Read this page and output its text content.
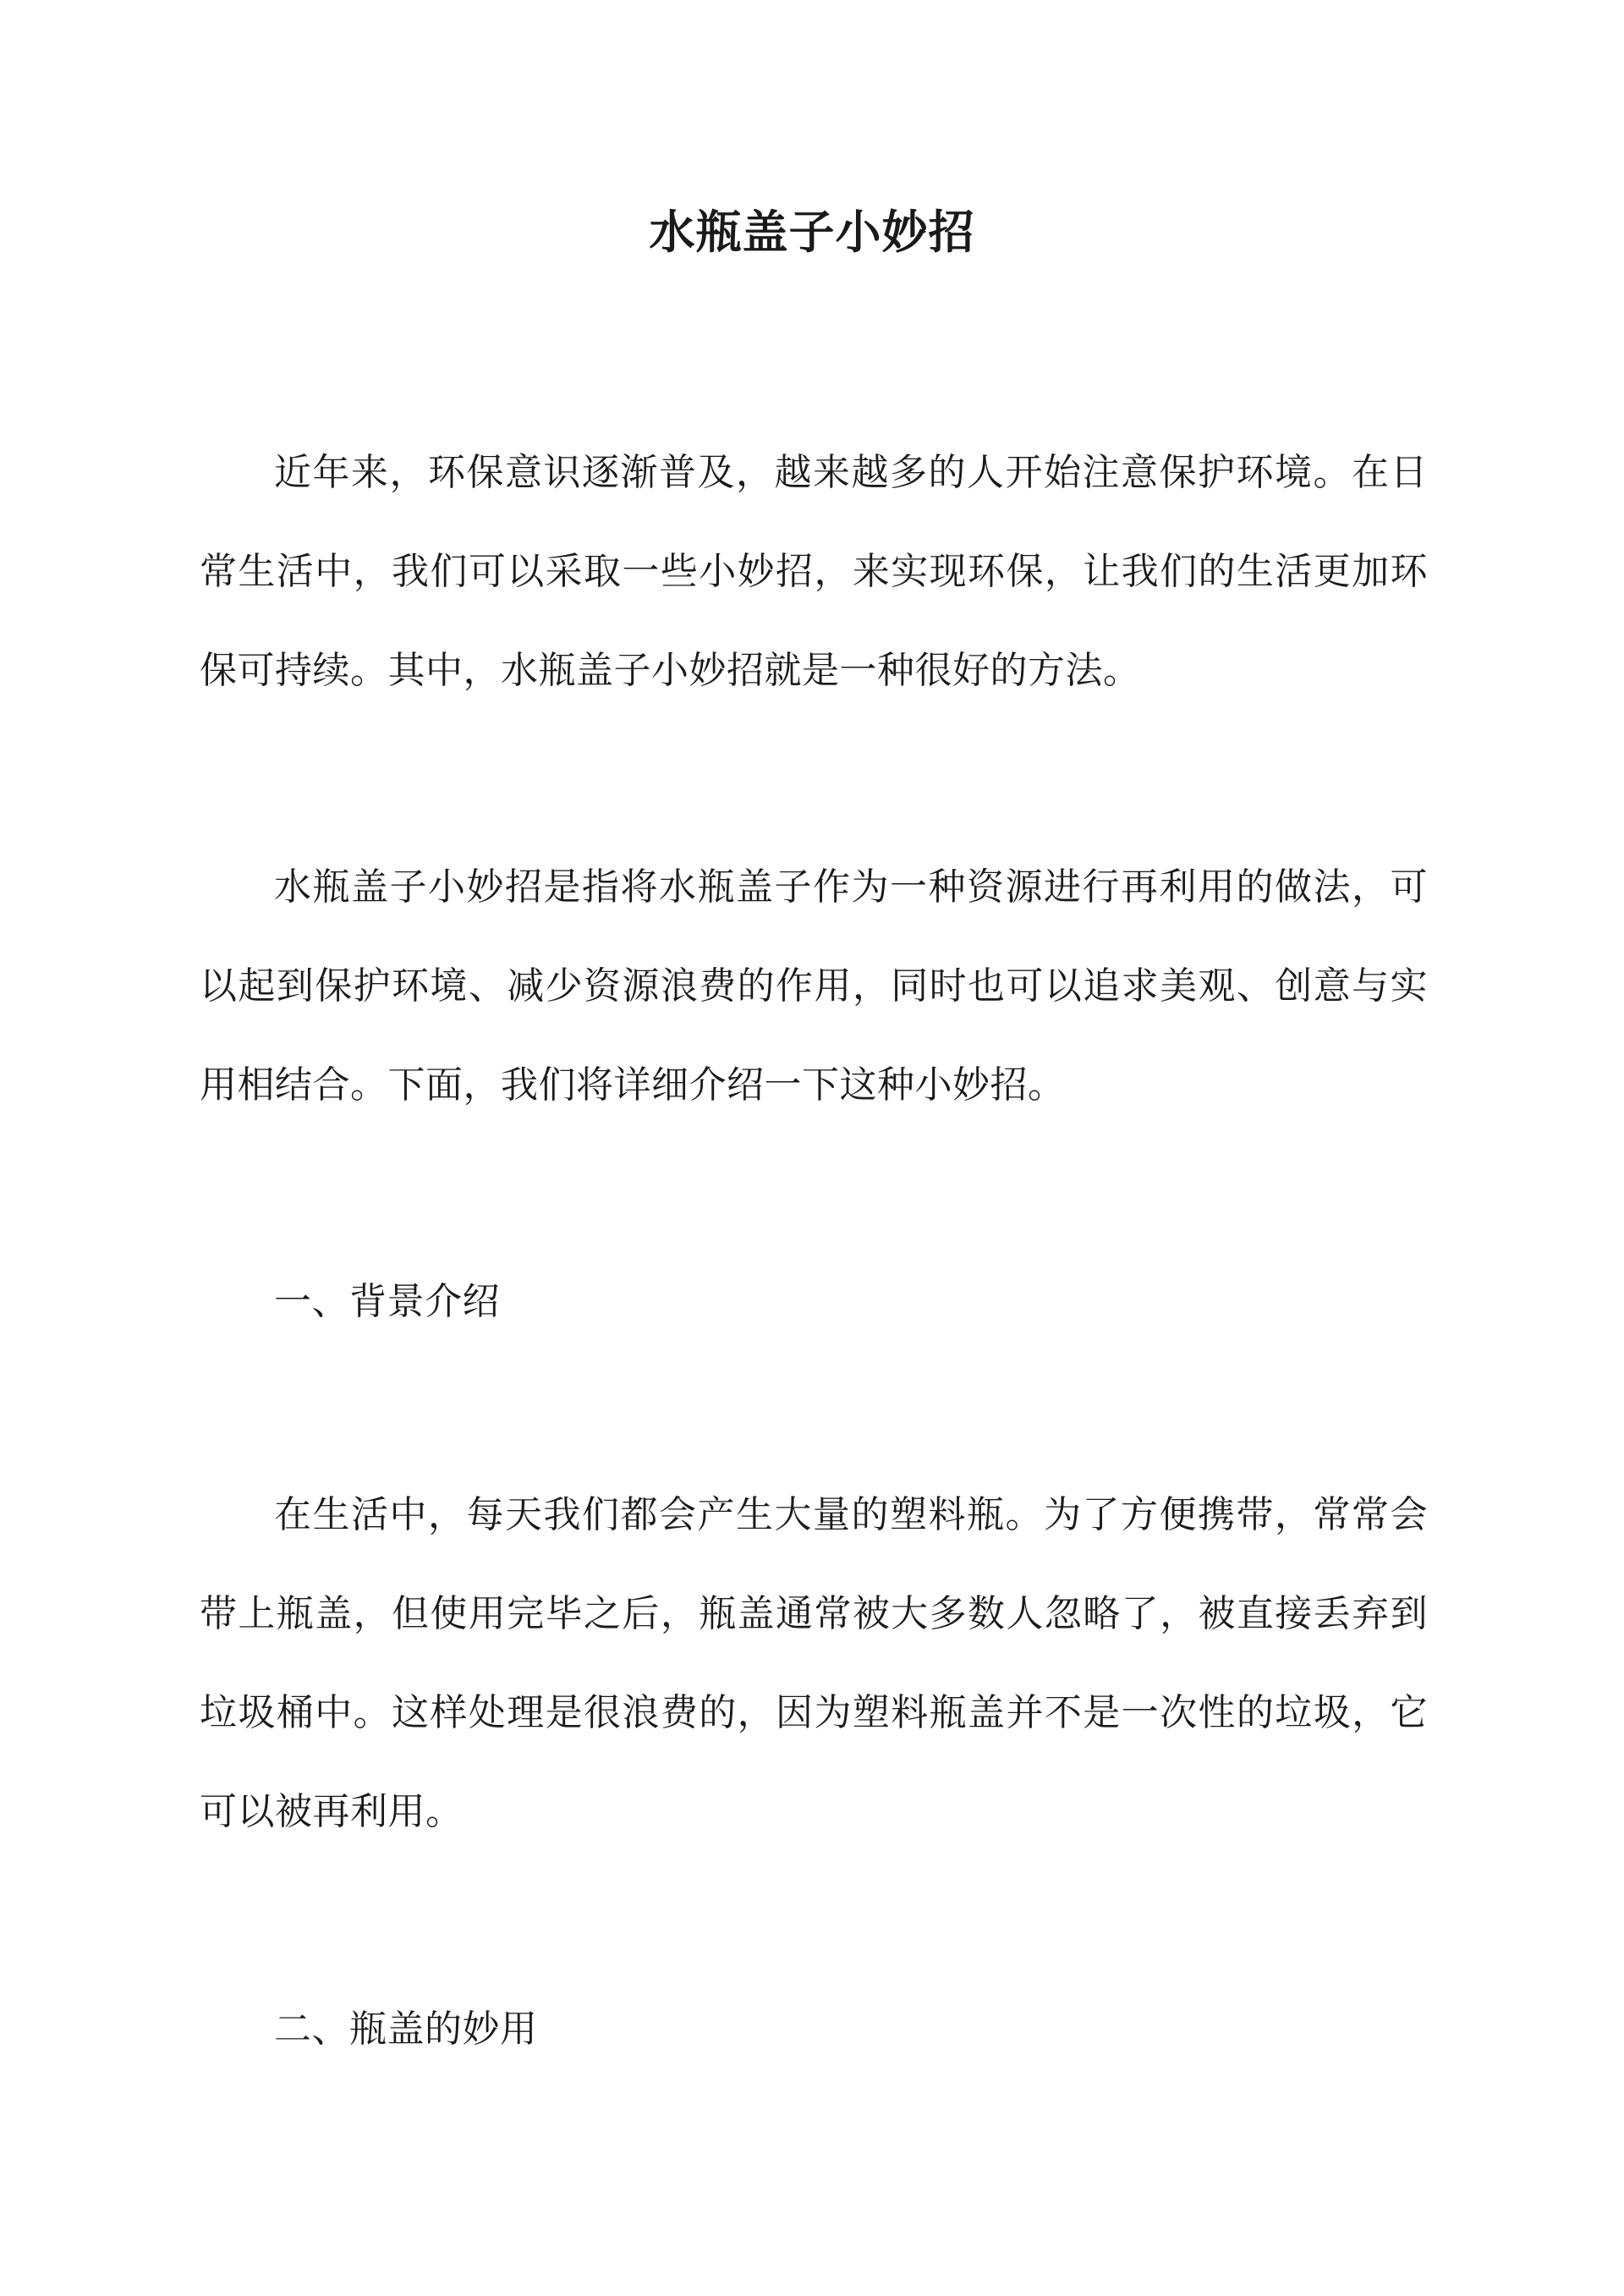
水瓶盖子小妙招

近年来，环保意识逐渐普及，越来越多的人开始注意保护环境。在日常生活中，我们可以采取一些小妙招，来实现环保，让我们的生活更加环保可持续。其中，水瓶盖子小妙招就是一种很好的方法。

水瓶盖子小妙招是指将水瓶盖子作为一种资源进行再利用的做法，可以起到保护环境、减少资源浪费的作用，同时也可以追求美观、创意与实用相结合。下面，我们将详细介绍一下这种小妙招。

一、背景介绍

在生活中，每天我们都会产生大量的塑料瓶。为了方便携带，常常会带上瓶盖，但使用完毕之后，瓶盖通常被大多数人忽略了，被直接丢弃到垃圾桶中。这样处理是很浪费的，因为塑料瓶盖并不是一次性的垃圾，它可以被再利用。

二、瓶盖的妙用
